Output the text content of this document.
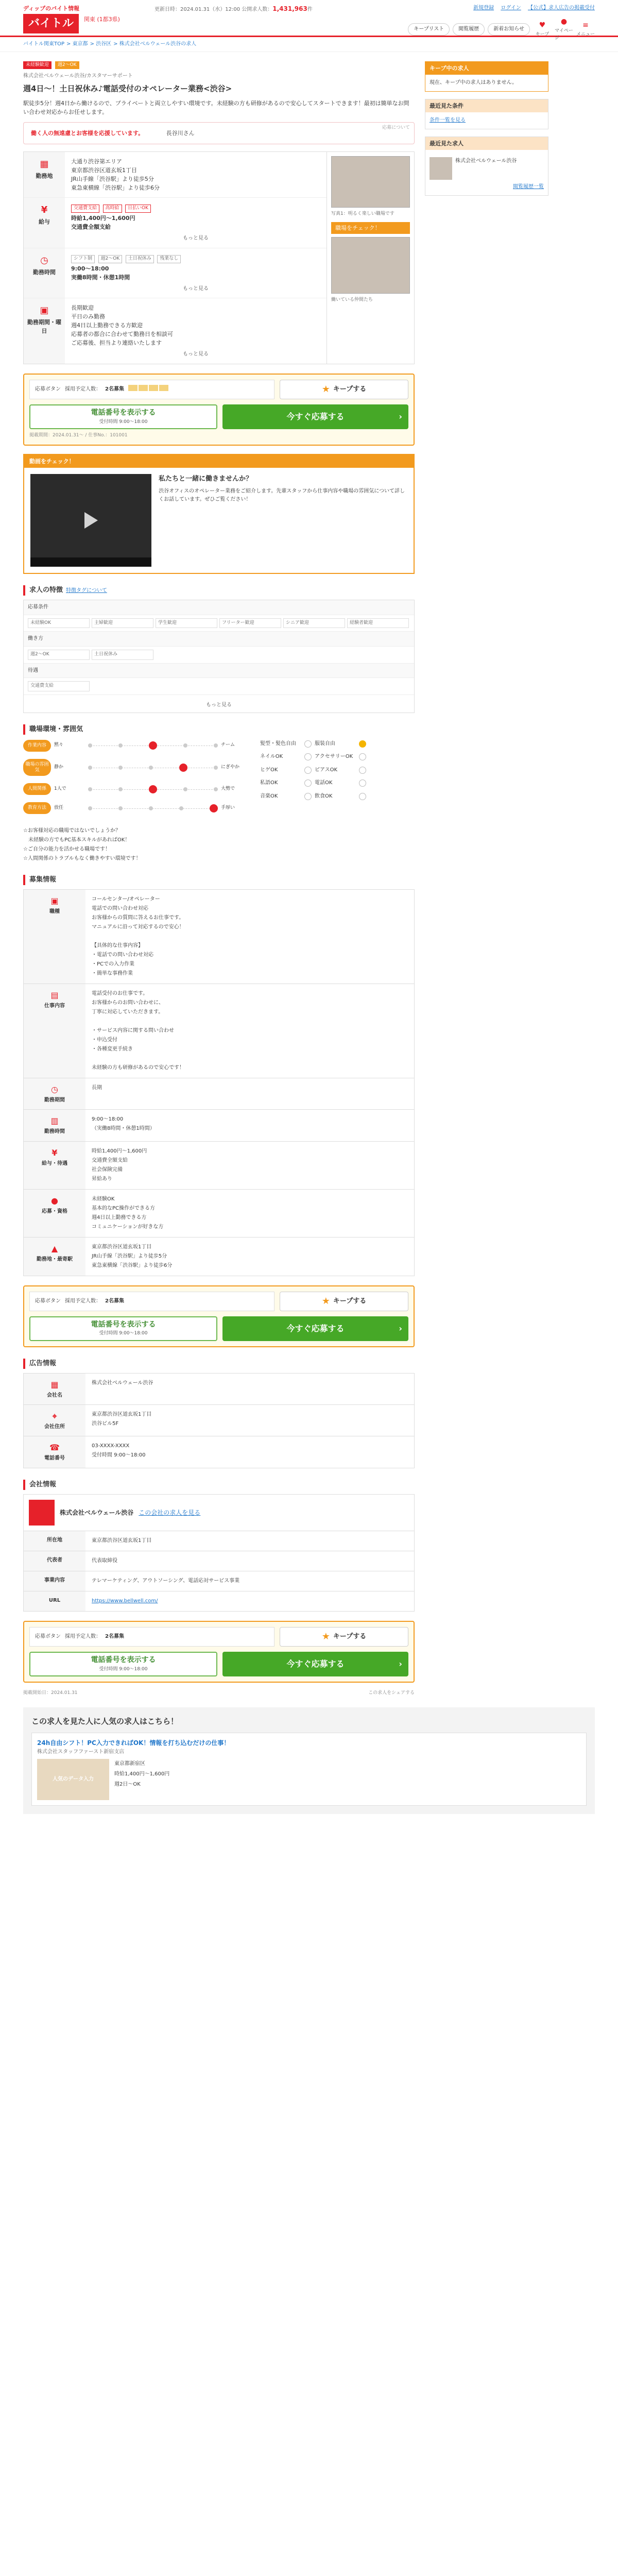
ディップのバイト情報
バイトル 関東 (1都3県)
更新日時：2024.01.31（水）12:00 公開求人数：1,431,963件	新規登録 ログイン 【公式】求人広告の掲載受付
キープリスト	閲覧履歴	新着お知らせ	♥
キープ
●
マイページ
≡
メニュー
バイトル関東TOP > 東京都 > 渋谷区 > 株式会社ベルウェール渋谷の求人
未経験歓迎 週2〜OK
株式会社ベルウェール渋谷/カスタマーサポート
週4日〜！土日祝休み♪電話受付のオペレーター業務<渋谷>
駅徒歩5分！週4日から働けるので、プライベートと両立しやすい環境です。未経験の方も研修があるので安心してスタートできます！最初は簡単なお問い合わせ対応からお任せします。
応募について
働く人の無遠慮とお客様を応援しています。	長谷川さん
▦
勤務地
大通り渋谷第エリア
東京都渋谷区道玄坂1丁目
JR山手線「渋谷駅」より徒歩5分
東急東横線「渋谷駅」より徒歩6分
¥
給与
交通費支給 高時給 日払いOK
時給1,400円〜1,600円
交通費全額支給
もっと見る
◷
勤務時間
シフト制 週2〜OK 土日祝休み 残業なし
9:00〜18:00
実働8時間・休憩1時間
もっと見る
▣
勤務期間・曜日
長期歓迎
平日のみ勤務
週4日以上勤務できる方歓迎
応募者の都合に合わせて勤務日を相談可
ご応募後、担当より連絡いたします
もっと見る
写真1：明るく楽しい職場です
職場をチェック！
働いている仲間たち
応募ボタン 採用予定人数： 2名募集	★ キープする
電話番号を表示する
受付時間 9:00〜18:00
今すぐ応募する	›
掲載期間：2024.01.31〜 / 仕事No.：101001
動画をチェック！
私たちと一緒に働きませんか？

渋谷オフィスのオペレーター業務をご紹介します。先輩スタッフから仕事内容や職場の雰囲気について詳しくお話しています。ぜひご覧ください！

求人の特徴 特徴タグについて
応募条件
未経験OK	主婦歓迎	学生歓迎	フリーター歓迎	シニア歓迎	経験者歓迎
働き方
週2〜OK	土日祝休み
待遇
交通費支給
もっと見る
職場環境・雰囲気
作業内容	黙々	チーム
職場の雰囲気
静か	にぎやか
人間関係	1人で	大勢で
教育方法	放任	手厚い
髪型・髪色自由	服装自由
ネイルOK	アクセサリーOK
ヒゲOK	ピアスOK
私語OK	電話OK
音楽OK	飲食OK
☆お客様対応の職場ではないでしょうか？
　未経験の方でもPC基本スキルがあればOK！
☆ご自分の能力を活かせる職場です！
☆人間関係のトラブルもなく働きやすい環境です！
募集情報
▣
職種
コールセンター/オペレーター
電話での問い合わせ対応
お客様からの質問に答えるお仕事です。
マニュアルに沿って対応するので安心！

【具体的な仕事内容】
・電話での問い合わせ対応
・PCでの入力作業
・簡単な事務作業
▤
仕事内容
電話受付のお仕事です。
お客様からのお問い合わせに、
丁寧に対応していただきます。

・サービス内容に関する問い合わせ
・申込受付
・各種変更手続き

未経験の方も研修があるので安心です！
◷
勤務期間
長期
▥
勤務時間
9:00〜18:00
（実働8時間・休憩1時間）
¥
給与・待遇
時給1,400円〜1,600円
交通費全額支給
社会保険完備
昇給あり
●
応募・資格
未経験OK
基本的なPC操作ができる方
週4日以上勤務できる方
コミュニケーションが好きな方
▲
勤務地・最寄駅
東京都渋谷区道玄坂1丁目
JR山手線「渋谷駅」より徒歩5分
東急東横線「渋谷駅」より徒歩6分
応募ボタン 採用予定人数： 2名募集	★ キープする
電話番号を表示する
受付時間 9:00〜18:00
今すぐ応募する	›
広告情報
▦
会社名
株式会社ベルウェール渋谷
⌖
会社住所
東京都渋谷区道玄坂1丁目
渋谷ビル5F
☎
電話番号
03-XXXX-XXXX
受付時間 9:00〜18:00
会社情報
株式会社ベルウェール渋谷 この会社の求人を見る
所在地	東京都渋谷区道玄坂1丁目
代表者	代表取締役
事業内容	テレマーケティング、アウトソーシング、電話応対サービス事業
URL	https://www.bellwell.com/
応募ボタン 採用予定人数： 2名募集	★ キープする
電話番号を表示する
受付時間 9:00〜18:00
今すぐ応募する	›
掲載開始日：2024.01.31	この求人をシェアする
キープ中の求人
現在、キープ中の求人はありません。
最近見た条件
条件一覧を見る
最近見た求人
株式会社ベルウェール渋谷
閲覧履歴一覧
この求人を見た人に人気の求人はこちら！
24h自由シフト！PC入力できればOK！情報を打ち込むだけの仕事！
株式会社スタッフファースト新宿支店
人気のデータ入力
東京都新宿区
時給1,400円〜1,600円
週2日〜OK
